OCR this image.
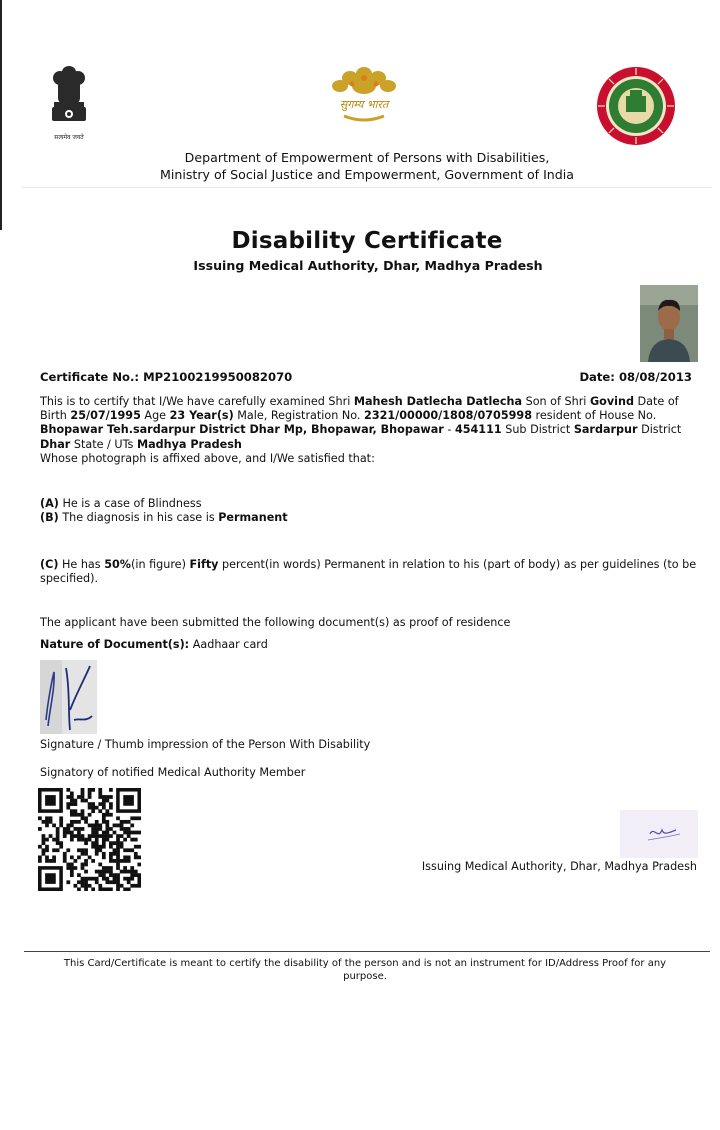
सत्यमेव जयते
सुगम्य भारत
Department of Empowerment of Persons with Disabilities,
Ministry of Social Justice and Empowerment, Government of India
Disability Certificate
Issuing Medical Authority, Dhar, Madhya Pradesh
Certificate No.: MP2100219950082070	Date: 08/08/2013
This is to certify that I/We have carefully examined Shri Mahesh Datlecha Datlecha Son of Shri Govind Date of Birth 25/07/1995 Age 23 Year(s) Male, Registration No. 2321/00000/1808/0705998 resident of House No. Bhopawar Teh.sardarpur District Dhar Mp, Bhopawar, Bhopawar - 454111 Sub District Sardarpur District Dhar State / UTs Madhya Pradesh
Whose photograph is affixed above, and I/We satisfied that:
(A) He is a case of Blindness
(B) The diagnosis in his case is Permanent
(C) He has 50%(in figure) Fifty percent(in words) Permanent in relation to his (part of body) as per guidelines (to be specified).
The applicant have been submitted the following document(s) as proof of residence
Nature of Document(s): Aadhaar card
Signature / Thumb impression of the Person With Disability
Signatory of notified Medical Authority Member
Issuing Medical Authority, Dhar, Madhya Pradesh
This Card/Certificate is meant to certify the disability of the person and is not an instrument for ID/Address Proof for any purpose.
